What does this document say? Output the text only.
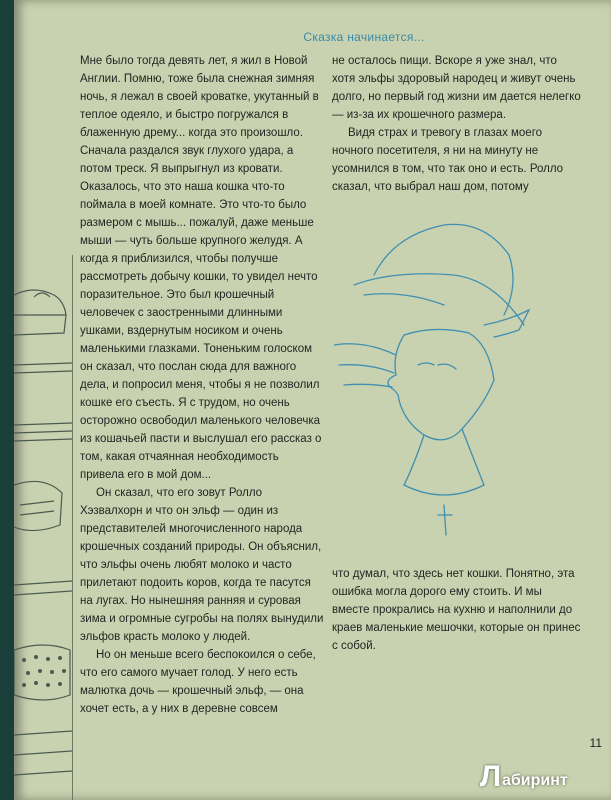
Сказка начинается...

Мне было тогда девять лет, я жил в Новой Англии. Помню, тоже была снежная зимняя ночь, я лежал в своей кроватке, укутанный в теплое одеяло, и быстро погружался в блаженную дрему... когда это произошло. Сначала раздался звук глухого удара, а потом треск. Я выпрыгнул из кровати. Оказалось, что это наша кошка что-то поймала в моей комнате. Это что-то было размером с мышь... пожалуй, даже меньше мыши — чуть больше крупного желудя. А когда я приблизился, чтобы получше рассмотреть добычу кошки, то увидел нечто поразительное. Это был крошечный человечек с заостренными длинными ушками, вздернутым носиком и очень маленькими глазками. Тоненьким голоском он сказал, что послан сюда для важного дела, и попросил меня, чтобы я не позволил кошке его съесть. Я с трудом, но очень осторожно освободил маленького человечка из кошачьей пасти и выслушал его рассказ о том, какая отчаянная необходимость привела его в мой дом...

Он сказал, что его зовут Ролло Хэзвалхорн и что он эльф — один из представителей многочисленного народа крошечных созданий природы. Он объяснил, что эльфы очень любят молоко и часто прилетают подоить коров, когда те пасутся на лугах. Но нынешняя ранняя и суровая зима и огромные сугробы на полях вынудили эльфов красть молоко у людей.

Но он меньше всего беспокоился о себе, что его самого мучает голод. У него есть малютка дочь — крошечный эльф, — она хочет есть, а у них в деревне совсем

не осталось пищи. Вскоре я уже знал, что хотя эльфы здоровый народец и живут очень долго, но первый год жизни им дается нелегко — из-за их крошечного размера.

Видя страх и тревогу в глазах моего ночного посетителя, я ни на минуту не усомнился в том, что так оно и есть. Ролло сказал, что выбрал наш дом, потому

что думал, что здесь нет кошки. Понятно, эта ошибка могла дорого ему стоить. И мы вместе прокрались на кухню и наполнили до краев маленькие мешочки, которые он принес с собой.

11
Л абиринт
